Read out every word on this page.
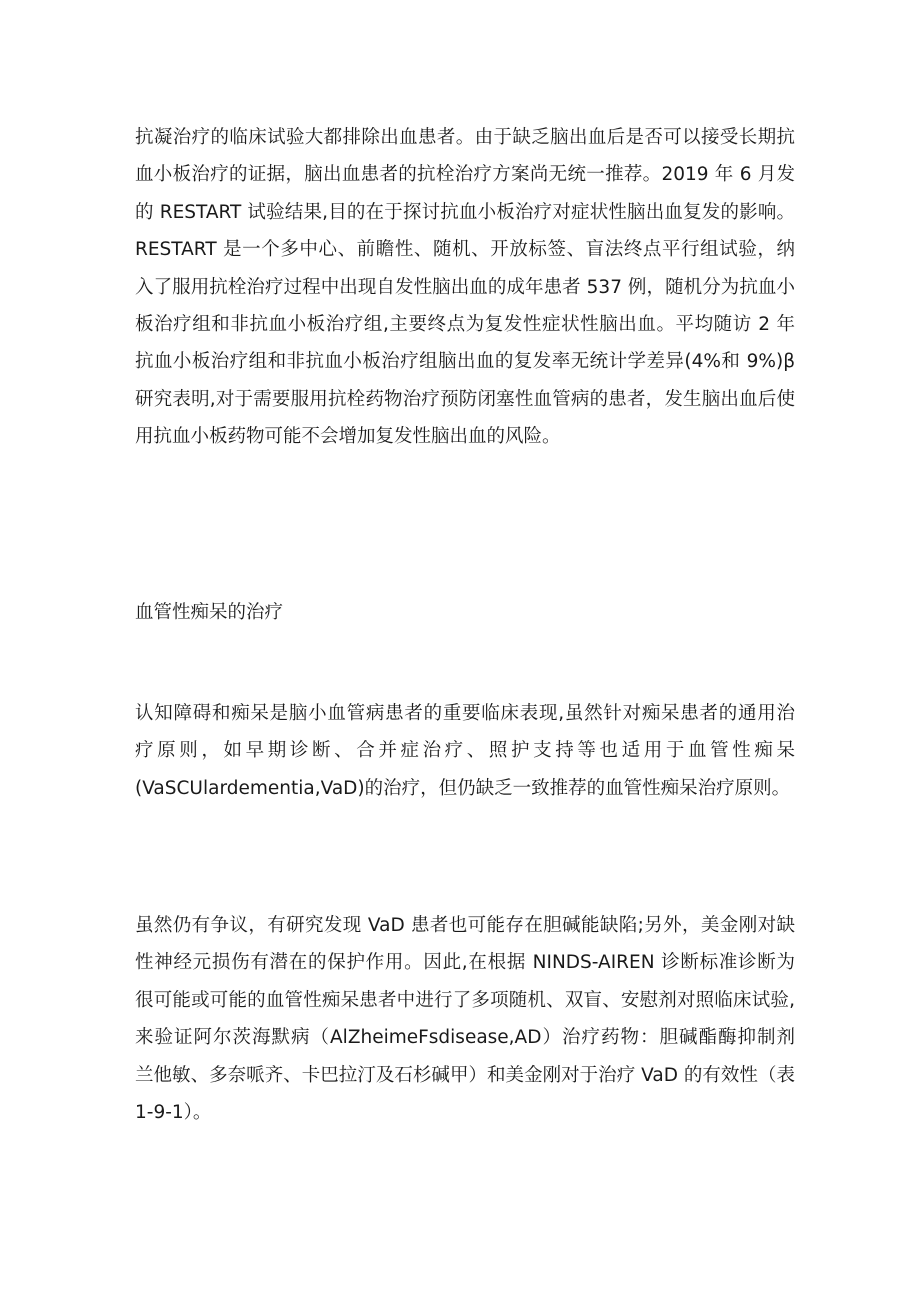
抗凝治疗的临床试验大都排除出血患者。由于缺乏脑出血后是否可以接受长期抗
血小板治疗的证据，脑出血患者的抗栓治疗方案尚无统一推荐。2019 年 6 月发
的 RESTART 试验结果,目的在于探讨抗血小板治疗对症状性脑出血复发的影响。
RESTART 是一个多中心、前瞻性、随机、开放标签、盲法终点平行组试验，纳
入了服用抗栓治疗过程中出现自发性脑出血的成年患者 537 例，随机分为抗血小
板治疗组和非抗血小板治疗组,主要终点为复发性症状性脑出血。平均随访 2 年
抗血小板治疗组和非抗血小板治疗组脑出血的复发率无统计学差异(4%和 9%)β
研究表明,对于需要服用抗栓药物治疗预防闭塞性血管病的患者，发生脑出血后使
用抗血小板药物可能不会增加复发性脑出血的风险。
血管性痴呆的治疗
认知障碍和痴呆是脑小血管病患者的重要临床表现,虽然针对痴呆患者的通用治
疗原则，如早期诊断、合并症治疗、照护支持等也适用于血管性痴呆
(VaSCUlardementia,VaD)的治疗，但仍缺乏一致推荐的血管性痴呆治疗原则。
虽然仍有争议，有研究发现 VaD 患者也可能存在胆碱能缺陷;另外，美金刚对缺
性神经元损伤有潜在的保护作用。因此,在根据 NINDS-AIREN 诊断标准诊断为
很可能或可能的血管性痴呆患者中进行了多项随机、双盲、安慰剂对照临床试验,
来验证阿尔茨海默病（AlZheimeFsdisease,AD）治疗药物：胆碱酯酶抑制剂
兰他敏、多奈哌齐、卡巴拉汀及石杉碱甲）和美金刚对于治疗 VaD 的有效性（表
1-9-1）。
